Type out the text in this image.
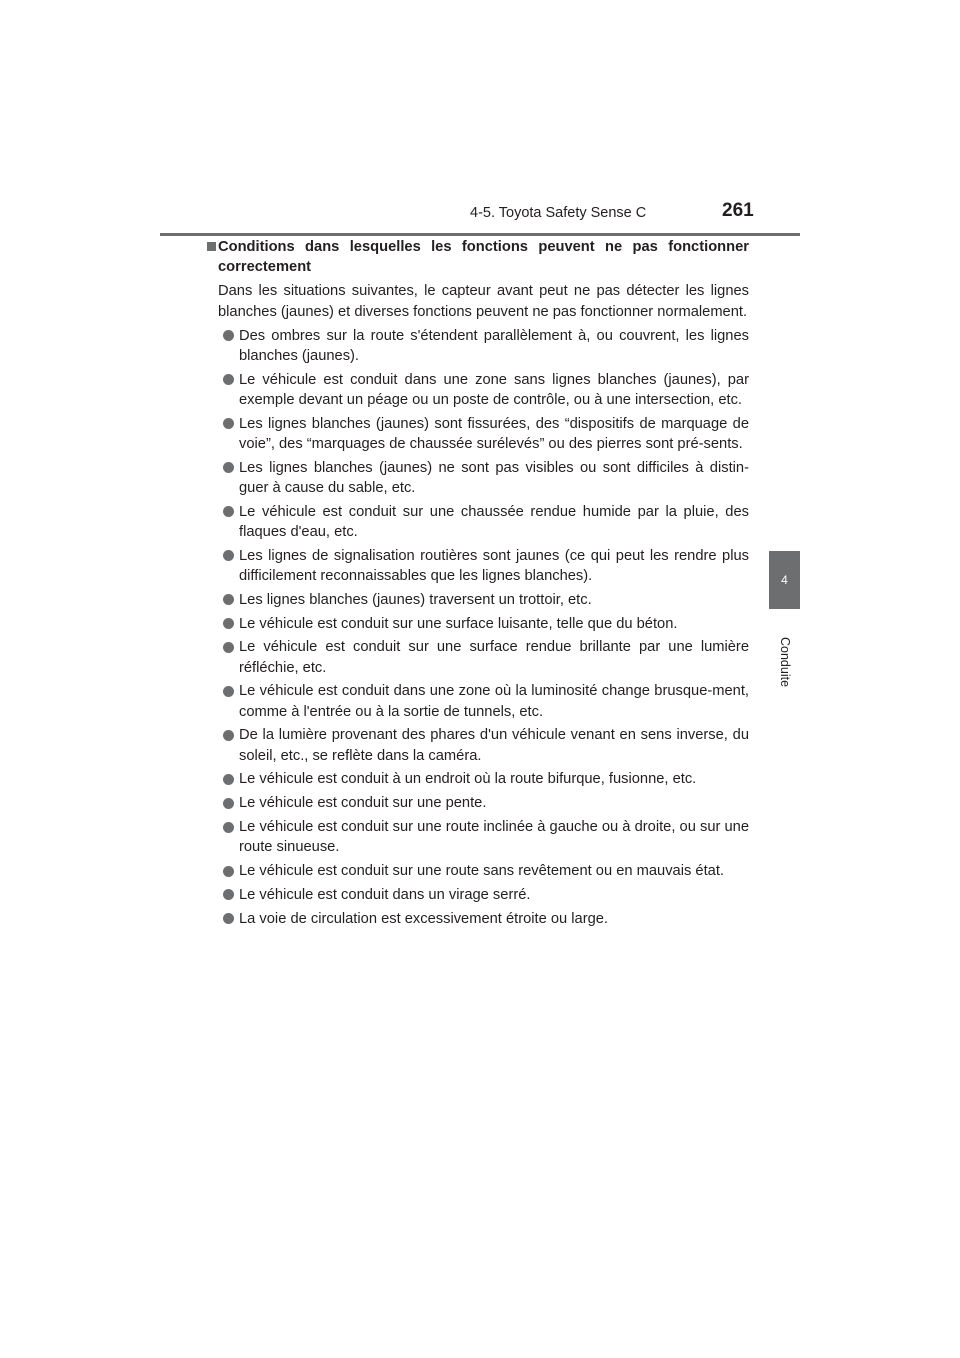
4-5. Toyota Safety Sense C	261
4
Conduite
Conditions dans lesquelles les fonctions peuvent ne pas fonctionner correctement
Dans les situations suivantes, le capteur avant peut ne pas détecter les lignes blanches (jaunes) et diverses fonctions peuvent ne pas fonctionner normalement.
Des ombres sur la route s'étendent parallèlement à, ou couvrent, les lignes blanches (jaunes).
Le véhicule est conduit dans une zone sans lignes blanches (jaunes), par exemple devant un péage ou un poste de contrôle, ou à une intersection, etc.
Les lignes blanches (jaunes) sont fissurées, des “dispositifs de marquage de voie”, des “marquages de chaussée surélevés” ou des pierres sont pré-sents.
Les lignes blanches (jaunes) ne sont pas visibles ou sont difficiles à distin-guer à cause du sable, etc.
Le véhicule est conduit sur une chaussée rendue humide par la pluie, des flaques d'eau, etc.
Les lignes de signalisation routières sont jaunes (ce qui peut les rendre plus difficilement reconnaissables que les lignes blanches).
Les lignes blanches (jaunes) traversent un trottoir, etc.
Le véhicule est conduit sur une surface luisante, telle que du béton.
Le véhicule est conduit sur une surface rendue brillante par une lumière réfléchie, etc.
Le véhicule est conduit dans une zone où la luminosité change brusque-ment, comme à l'entrée ou à la sortie de tunnels, etc.
De la lumière provenant des phares d'un véhicule venant en sens inverse, du soleil, etc., se reflète dans la caméra.
Le véhicule est conduit à un endroit où la route bifurque, fusionne, etc.
Le véhicule est conduit sur une pente.
Le véhicule est conduit sur une route inclinée à gauche ou à droite, ou sur une route sinueuse.
Le véhicule est conduit sur une route sans revêtement ou en mauvais état.
Le véhicule est conduit dans un virage serré.
La voie de circulation est excessivement étroite ou large.
